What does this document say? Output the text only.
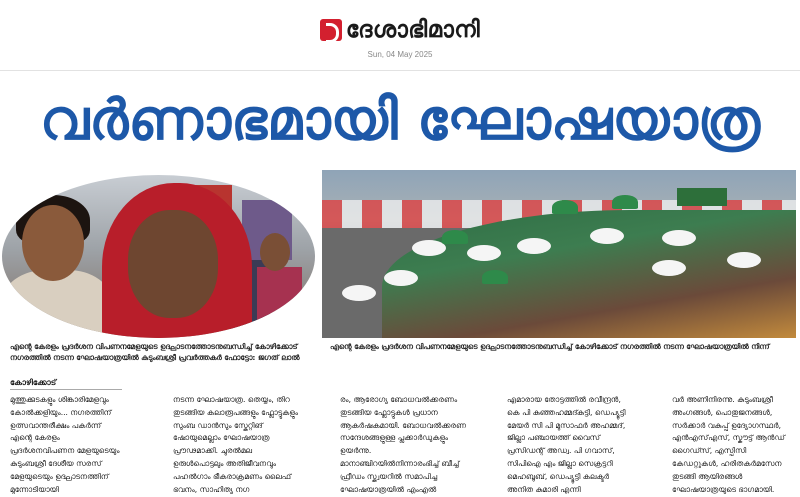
ദേശാഭിമാനി
Sun, 04 May 2025
വർണാഭമായി ഘോഷയാത്ര

എന്റെ കേരളം പ്രദർശന വിപണനമേളയുടെ ഉദ്ഘാടനത്തോടനുബന്ധിച്ച് കോഴിക്കോട് നഗരത്തിൽ നടന്ന ഘോഷയാത്രയിൽ കുടുംബശ്രീ പ്രവർത്തകർ ഫോട്ടോ: ജഗത് ലാൽ

എന്റെ കേരളം പ്രദർശന വിപണനമേളയുടെ ഉദ്ഘാടനത്തോടനുബന്ധിച്ച് കോഴിക്കോട് നഗരത്തിൽ നടന്ന ഘോഷയാത്രയിൽ നിന്ന്

കോഴിക്കോട്

മുത്തുക്കുടകളും ശിങ്കാരിമേളവും കോൽക്കളിയും... നഗരത്തിന് ഉത്സവാന്തരീക്ഷം പകർന്ന് എന്റെ കേരളം പ്രദർശനവിപണന മേളയുടെയും കുടുംബശ്രീ ദേശീയ സരസ് മേളയുടെയും ഉദ്ഘാടനത്തിന് മുന്നോടിയായി

നടന്ന ഘോഷയാത്ര. തെയ്യം, തിറ തുടങ്ങിയ കലാരൂപങ്ങളും ഫ്ലോട്ടുകളും സുംബ ഡാൻസും സ്കേറ്റിങ് ഷോയുമെല്ലാം ഘോഷയാത്ര പ്രൗഢമാക്കി. ചുരൽമല ഉരുൾപൊട്ടലും അതിജീവനവും പഹൽഗാം ഭീകരാക്രമണം ലൈഫ് ഭവനം, സാഹിത്യ നഗ

രം, ആരോഗ്യ ബോധവൽക്കരണം തുടങ്ങിയ ഫ്ലോട്ടുകൾ പ്രധാന ആകർഷകമായി. ബോധവൽക്കരണ സന്ദേശങ്ങളുള്ള പ്ലക്കാർഡുകളും ഉയർന്നു. മാനാഞ്ചിറയിൽനിന്നാരംഭിച്ച് ബീച്ച് ഫ്രീഡം സ്ക്വയറിൽ സമാപിച്ച ഘോഷയാത്രയിൽ എംഎൽ

എമാരായ തോട്ടത്തിൽ രവീന്ദ്രൻ, കെ പി കുഞ്ഞഹമ്മദ്കുട്ടി, ഡെപ്യൂട്ടി മേയർ സി പി മുസാഫർ അഹമ്മദ്, ജില്ലാ പഞ്ചായത്ത് വൈസ് പ്രസിഡന്റ് അഡ്വ. പി ഗവാസ്, സിപിഐ എം ജില്ലാ സെക്രട്ടറി മെഹബൂബ്, ഡെപ്യൂട്ടി കലക്ടർ അനിത കുമാരി എന്നി

വർ അണിനിരന്നു. കുടുംബശ്രീ അംഗങ്ങൾ, പൊതുജനങ്ങൾ, സർക്കാർ വകുപ്പ് ഉദ്യോഗസ്ഥർ, എൻഎസ്എസ്, സ്കൗട്ട് ആൻഡ് ഗൈഡ്സ്, എസ്പിസി കേഡറ്റുകൾ, ഹരിതകർമസേന തുടങ്ങി ആയിരങ്ങൾ ഘോഷയാത്രയുടെ ഭാഗമായി.
